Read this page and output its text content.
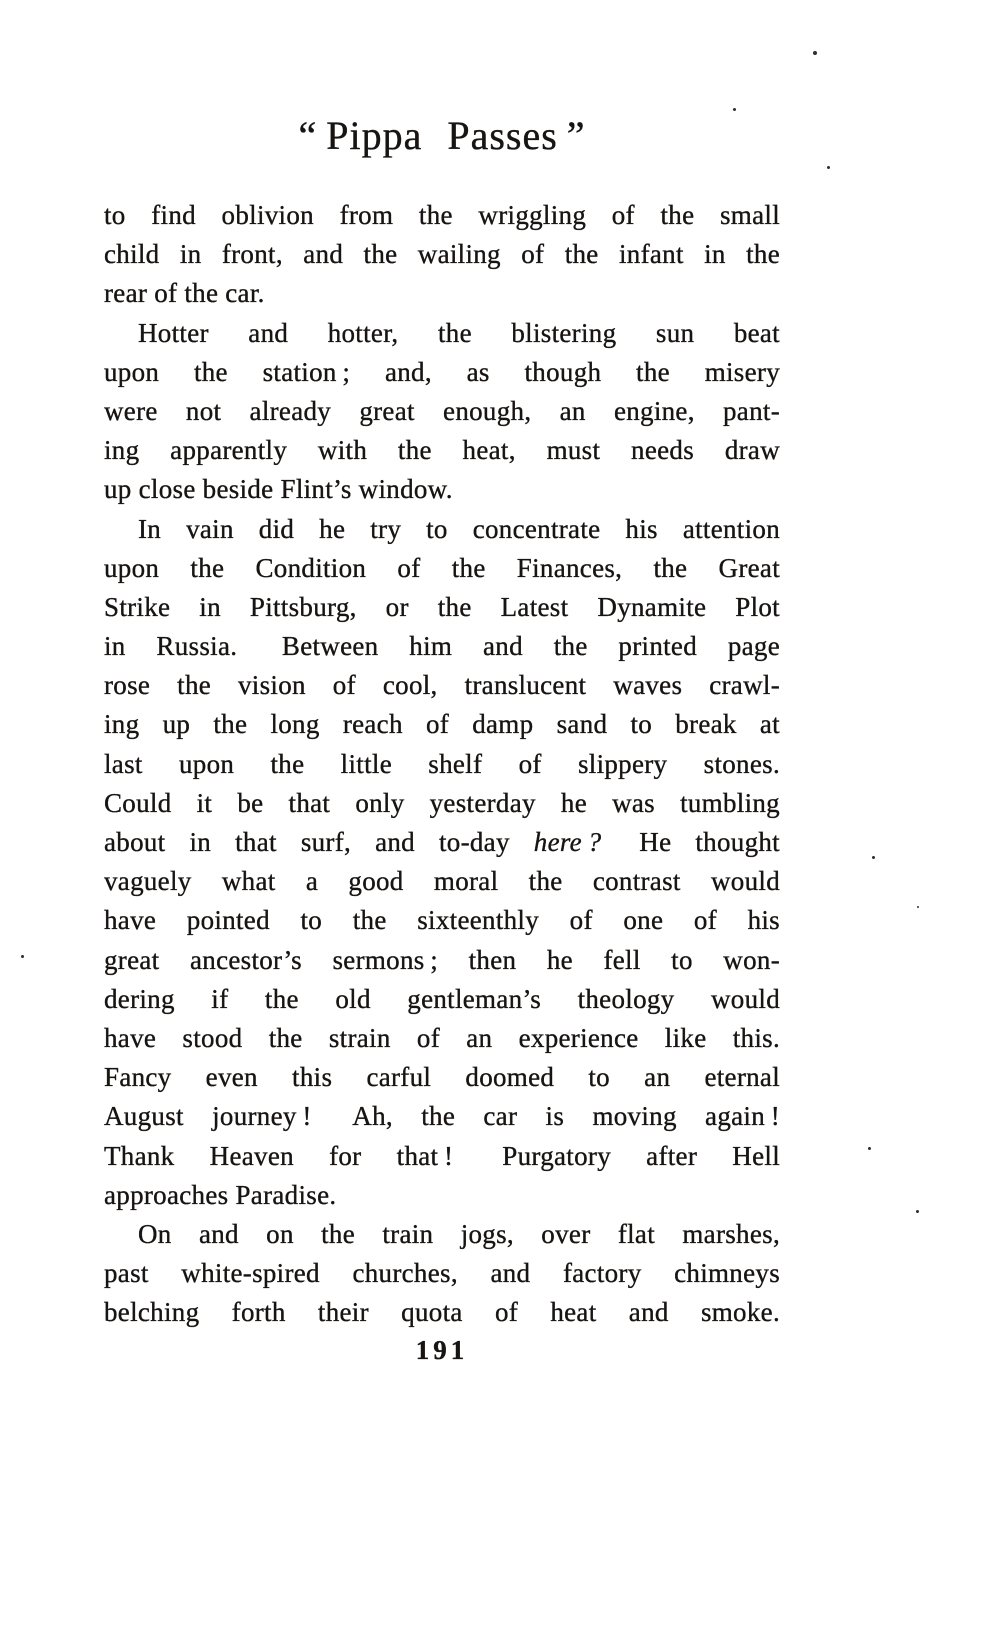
“ Pippa Passes ”
to find oblivion from the wriggling of the small
child in front, and the wailing of the infant in the
rear of the car.
Hotter and hotter, the blistering sun beat
upon the station ; and, as though the misery
were not already great enough, an engine, pant-
ing apparently with the heat, must needs draw
up close beside Flint’s window.
In vain did he try to concentrate his attention
upon the Condition of the Finances, the Great
Strike in Pittsburg, or the Latest Dynamite Plot
in Russia.  Between him and the printed page
rose the vision of cool, translucent waves crawl-
ing up the long reach of damp sand to break at
last upon the little shelf of slippery stones.
Could it be that only yesterday he was tumbling
about in that surf, and to-day here ?  He thought
vaguely what a good moral the contrast would
have pointed to the sixteenthly of one of his
great ancestor’s sermons ; then he fell to won-
dering if the old gentleman’s theology would
have stood the strain of an experience like this.
Fancy even this carful doomed to an eternal
August journey !  Ah, the car is moving again !
Thank Heaven for that !  Purgatory after Hell
approaches Paradise.
On and on the train jogs, over flat marshes,
past white-spired churches, and factory chimneys
belching forth their quota of heat and smoke.
191
